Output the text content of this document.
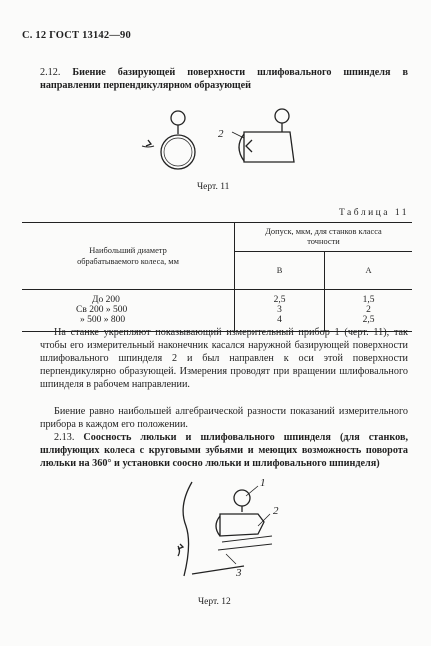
С. 12 ГОСТ 13142—90
2.12. Биение базирующей поверхности шлифовального шпинделя в направлении перпендикулярном образующей
2
Черт. 11
Таблица 11
Наибольший диаметр обрабатываемого колеса, мм	Допуск, мкм, для станков класса точности	

	В	А
До 200	2,5	1,5
Св 200 » 500	3	2
» 500 » 800	4	2,5
На станке укрепляют показывающий измерительный прибор 1 (черт. 11), так чтобы его измерительный наконечник касался наружной базирующей поверхности шлифовального шпинделя 2 и был направлен к оси этой поверхности перпендикулярно образующей. Измерения проводят при вращении шлифовального шпинделя в рабочем направлении.
Биение равно наибольшей алгебраической разности показаний измерительного прибора в каждом его положении.
2.13. Соосность люльки и шлифовального шпинделя (для станков, шлифующих колеса с круговыми зубьями и меющих возможность поворота люльки на 360° и установки соосно люльки и шлифовального шпинделя)
1
2
3
Черт. 12
